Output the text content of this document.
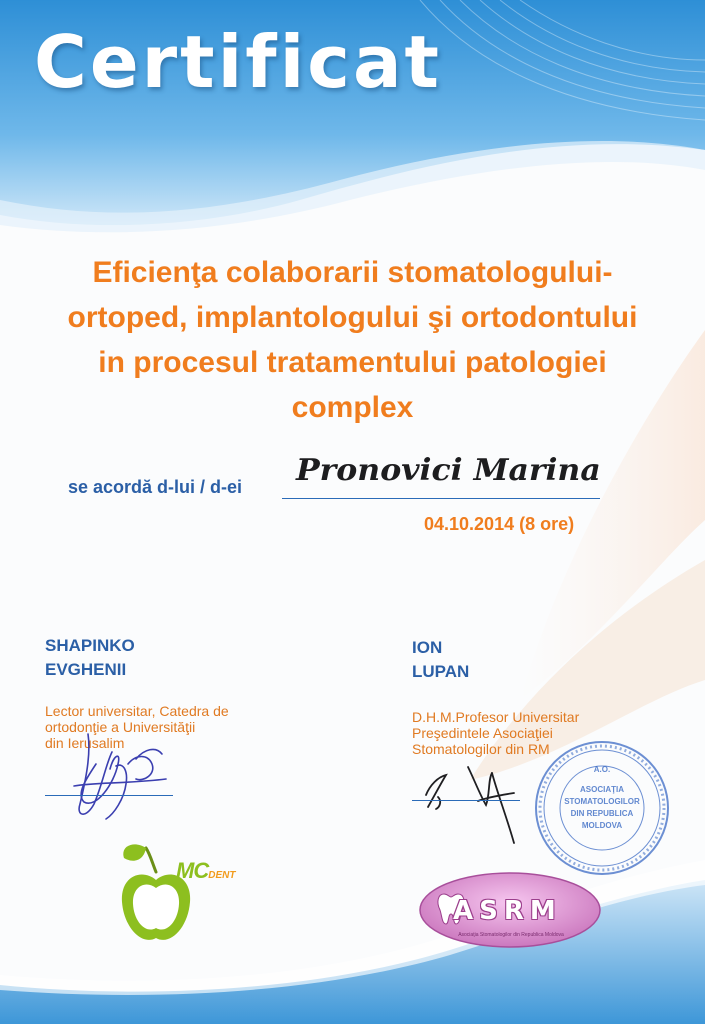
Certificat
Eficienţa colaborarii stomatologului-
ortoped, implantologului şi ortodontului
in procesul tratamentului patologiei
complex
se acordă d-lui / d-ei Pronovici Marina
04.10.2014 (8 ore)
SHAPINKO
EVGHENII
Lector universitar, Catedra de
ortodonţie a Universităţii
din Ierusalim
ION
LUPAN
D.H.M.Profesor Universitar
Preşedintele Asociaţiei
Stomatologilor din RM
A.O.
ASOCIAŢIA
STOMATOLOGILOR
DIN REPUBLICA
MOLDOVA
MCDENT
ASRM
Asociaţia Stomatologilor din Republica Moldova
